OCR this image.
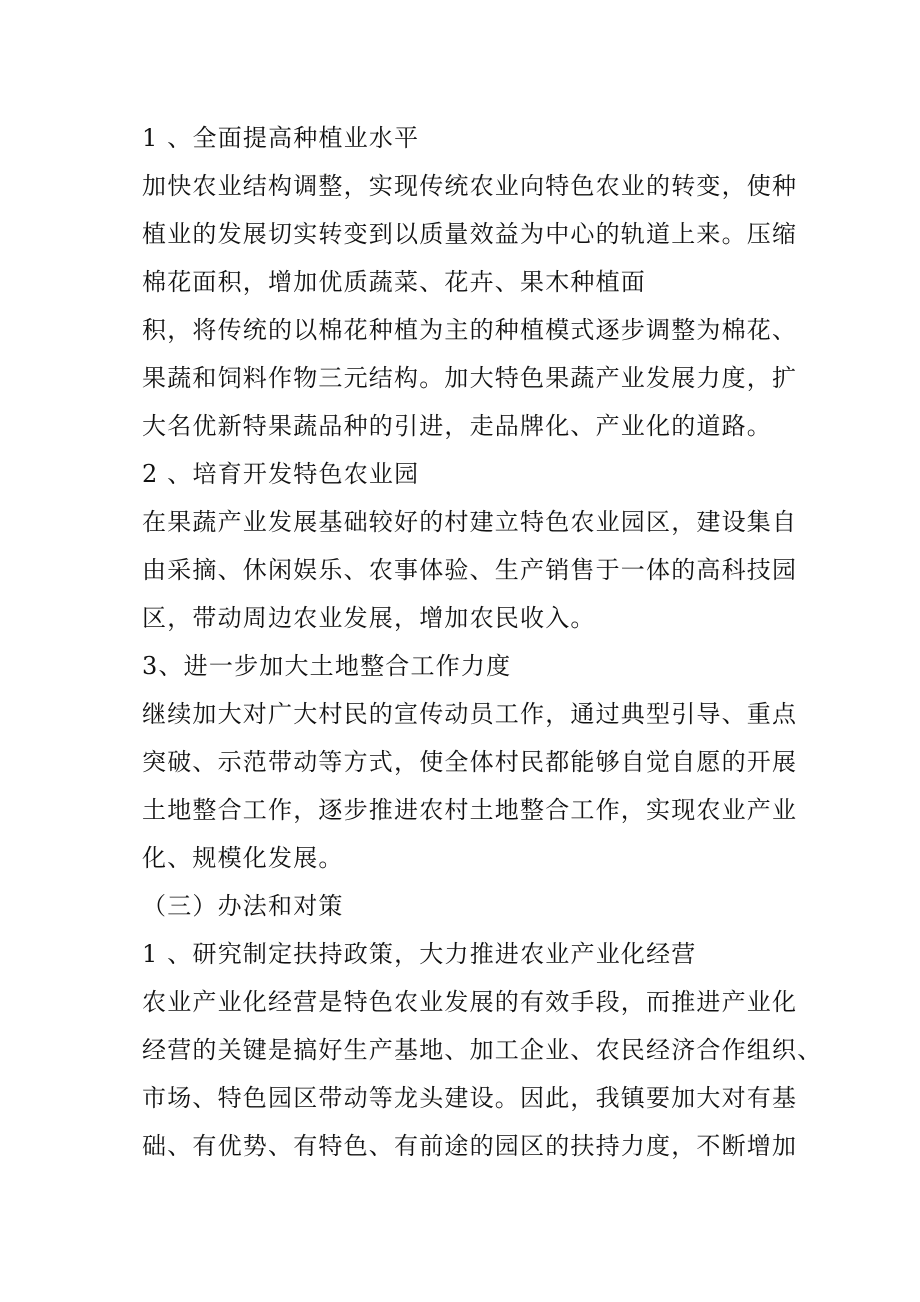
1 、全面提高种植业水平
加快农业结构调整，实现传统农业向特色农业的转变，使种
植业的发展切实转变到以质量效益为中心的轨道上来。压缩
棉花面积，增加优质蔬菜、花卉、果木种植面
积，将传统的以棉花种植为主的种植模式逐步调整为棉花、
果蔬和饲料作物三元结构。加大特色果蔬产业发展力度，扩
大名优新特果蔬品种的引进，走品牌化、产业化的道路。
2 、培育开发特色农业园
在果蔬产业发展基础较好的村建立特色农业园区，建设集自
由采摘、休闲娱乐、农事体验、生产销售于一体的高科技园
区，带动周边农业发展，增加农民收入。
3、进一步加大土地整合工作力度
继续加大对广大村民的宣传动员工作，通过典型引导、重点
突破、示范带动等方式，使全体村民都能够自觉自愿的开展
土地整合工作，逐步推进农村土地整合工作，实现农业产业
化、规模化发展。
（三）办法和对策
1 、研究制定扶持政策，大力推进农业产业化经营
农业产业化经营是特色农业发展的有效手段，而推进产业化
经营的关键是搞好生产基地、加工企业、农民经济合作组织、
市场、特色园区带动等龙头建设。因此，我镇要加大对有基
础、有优势、有特色、有前途的园区的扶持力度，不断增加
